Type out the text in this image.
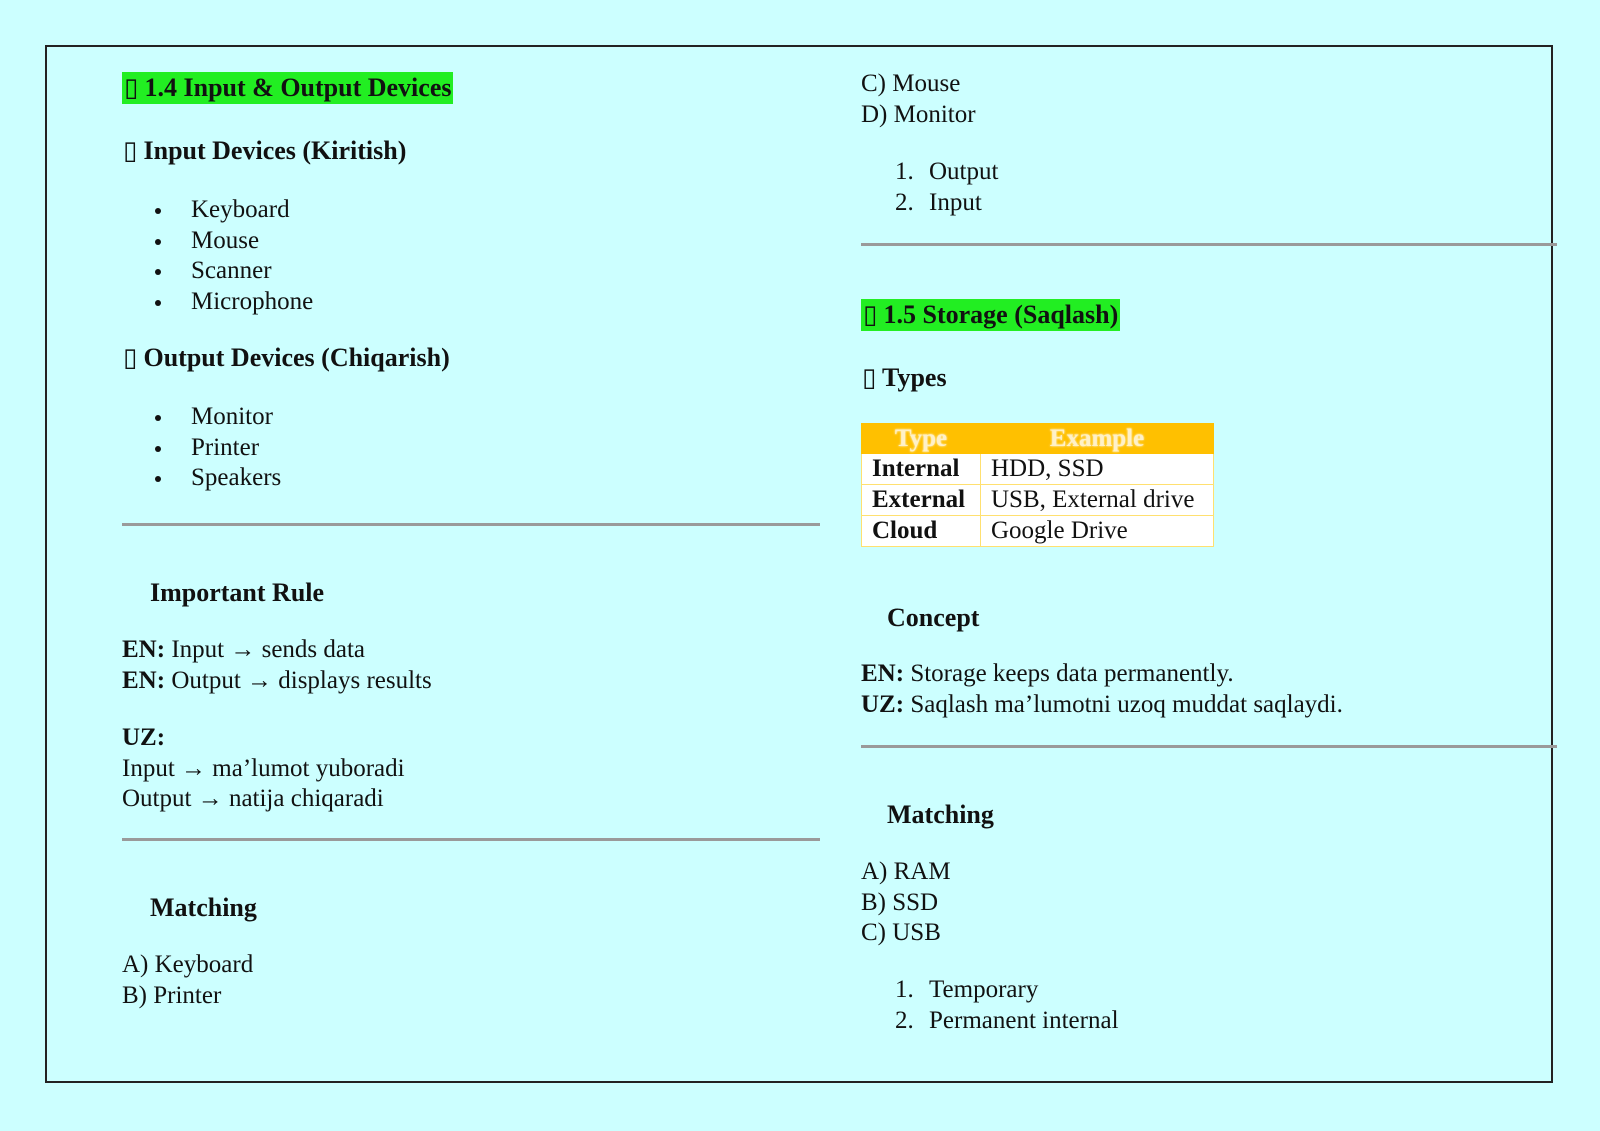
▯ 1.4 Input & Output Devices
▯ Input Devices (Kiritish)
Keyboard
Mouse
Scanner
Microphone
▯ Output Devices (Chiqarish)
Monitor
Printer
Speakers
Important Rule
EN: Input → sends data
EN: Output → displays results
UZ:
Input → ma’lumot yuboradi
Output → natija chiqaradi
Matching
A) Keyboard
B) Printer
C) Mouse
D) Monitor
1. Output
2. Input
▯ 1.5 Storage (Saqlash)
▯ Types
Type	Example
Internal	HDD, SSD
External	USB, External drive
Cloud	Google Drive
Concept
EN: Storage keeps data permanently.
UZ: Saqlash ma’lumotni uzoq muddat saqlaydi.
Matching
A) RAM
B) SSD
C) USB
1. Temporary
2. Permanent internal
